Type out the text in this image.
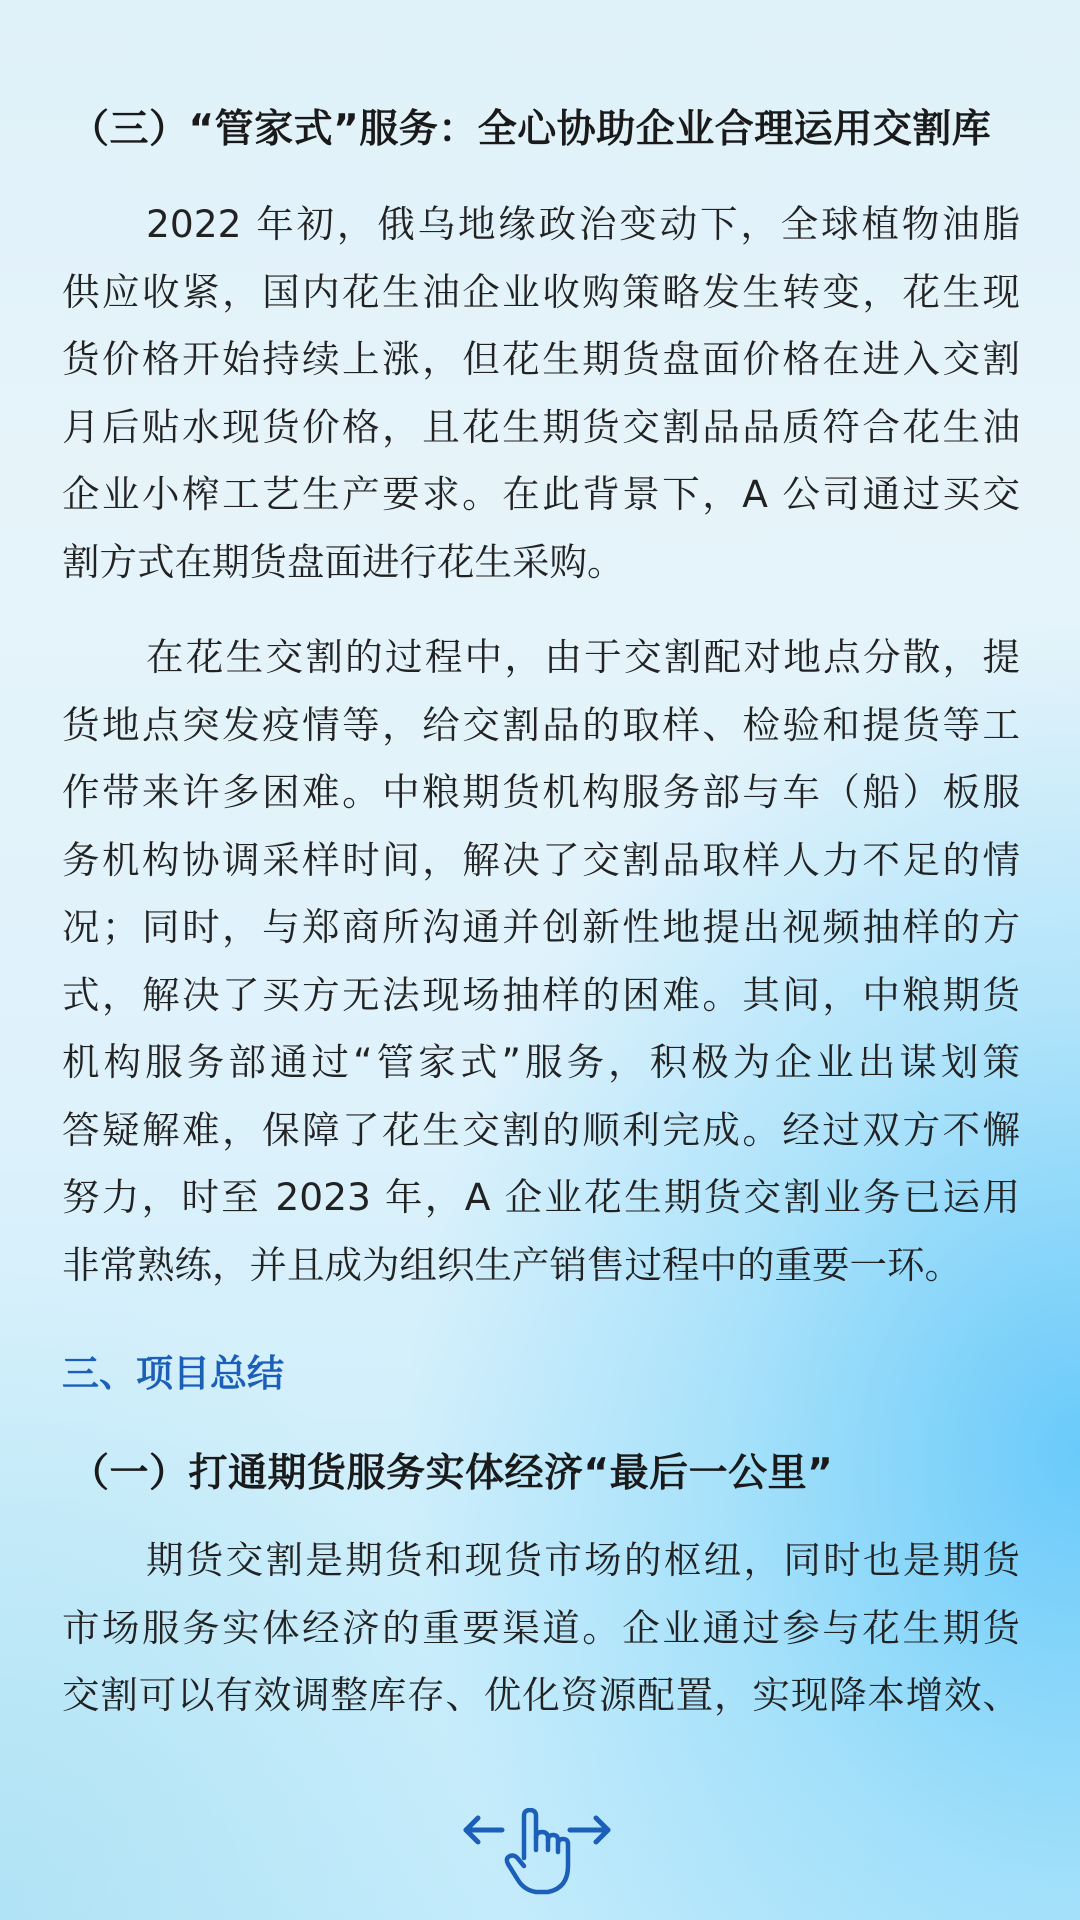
（三）“管家式”服务：全心协助企业合理运用交割库
2022 年初，俄乌地缘政治变动下，全球植物油脂
供应收紧，国内花生油企业收购策略发生转变，花生现
货价格开始持续上涨，但花生期货盘面价格在进入交割
月后贴水现货价格，且花生期货交割品品质符合花生油
企业小榨工艺生产要求。在此背景下，A 公司通过买交
割方式在期货盘面进行花生采购。
在花生交割的过程中，由于交割配对地点分散，提
货地点突发疫情等，给交割品的取样、检验和提货等工
作带来许多困难。中粮期货机构服务部与车（船）板服
务机构协调采样时间，解决了交割品取样人力不足的情
况；同时，与郑商所沟通并创新性地提出视频抽样的方
式，解决了买方无法现场抽样的困难。其间，中粮期货
机构服务部通过“管家式”服务，积极为企业出谋划策
答疑解难，保障了花生交割的顺利完成。经过双方不懈
努力，时至 2023 年，A 企业花生期货交割业务已运用
非常熟练，并且成为组织生产销售过程中的重要一环。
三、项目总结
（一）打通期货服务实体经济“最后一公里”
期货交割是期货和现货市场的枢纽，同时也是期货
市场服务实体经济的重要渠道。企业通过参与花生期货
交割可以有效调整库存、优化资源配置，实现降本增效、
